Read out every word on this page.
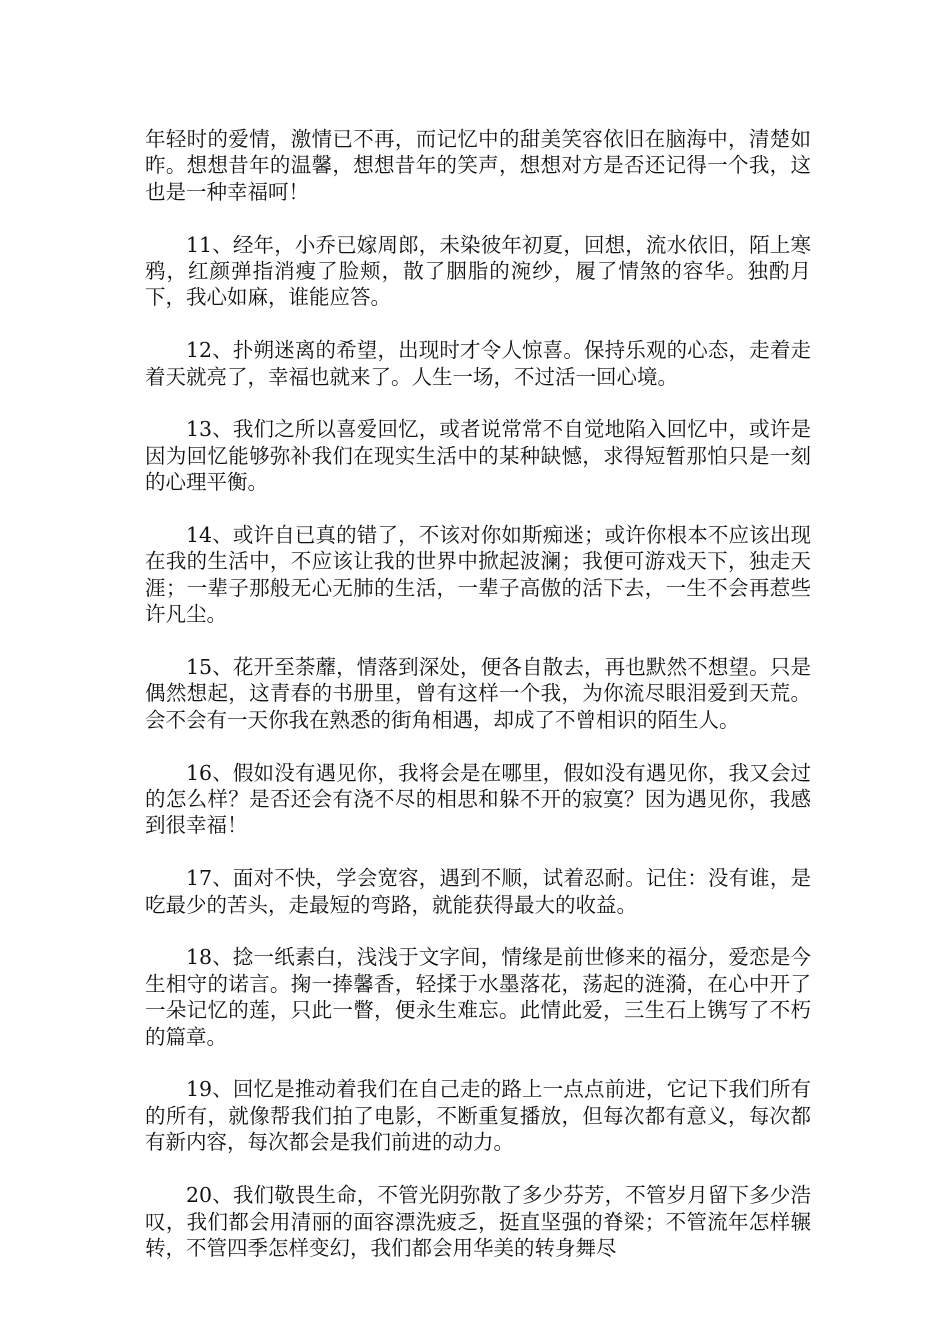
年轻时的爱情，激情已不再，而记忆中的甜美笑容依旧在脑海中，清楚如昨。想想昔年的温馨，想想昔年的笑声，想想对方是否还记得一个我，这也是一种幸福呵！

11、经年，小乔已嫁周郎，未染彼年初夏，回想，流水依旧，陌上寒鸦，红颜弹指消瘦了脸颊，散了胭脂的涴纱，履了情煞的容华。独酌月下，我心如麻，谁能应答。

12、扑朔迷离的希望，出现时才令人惊喜。保持乐观的心态，走着走着天就亮了，幸福也就来了。人生一场，不过活一回心境。

13、我们之所以喜爱回忆，或者说常常不自觉地陷入回忆中，或许是因为回忆能够弥补我们在现实生活中的某种缺憾，求得短暂那怕只是一刻的心理平衡。

14、或许自已真的错了，不该对你如斯痴迷；或许你根本不应该出现在我的生活中，不应该让我的世界中掀起波澜；我便可游戏天下，独走天涯；一辈子那般无心无肺的生活，一辈子高傲的活下去，一生不会再惹些许凡尘。

15、花开至荼蘼，情落到深处，便各自散去，再也默然不想望。只是偶然想起，这青春的书册里，曾有这样一个我，为你流尽眼泪爱到天荒。会不会有一天你我在熟悉的街角相遇，却成了不曾相识的陌生人。

16、假如没有遇见你，我将会是在哪里，假如没有遇见你，我又会过的怎么样？是否还会有浇不尽的相思和躲不开的寂寞？因为遇见你，我感到很幸福！

17、面对不快，学会宽容，遇到不顺，试着忍耐。记住：没有谁，是吃最少的苦头，走最短的弯路，就能获得最大的收益。

18、捻一纸素白，浅浅于文字间，情缘是前世修来的福分，爱恋是今生相守的诺言。掬一捧馨香，轻揉于水墨落花，荡起的涟漪，在心中开了一朵记忆的莲，只此一瞥，便永生难忘。此情此爱，三生石上镌写了不朽的篇章。

19、回忆是推动着我们在自己走的路上一点点前进，它记下我们所有的所有，就像帮我们拍了电影，不断重复播放，但每次都有意义，每次都有新内容，每次都会是我们前进的动力。

20、我们敬畏生命，不管光阴弥散了多少芬芳，不管岁月留下多少浩叹，我们都会用清丽的面容漂洗疲乏，挺直坚强的脊梁；不管流年怎样辗转，不管四季怎样变幻，我们都会用华美的转身舞尽
